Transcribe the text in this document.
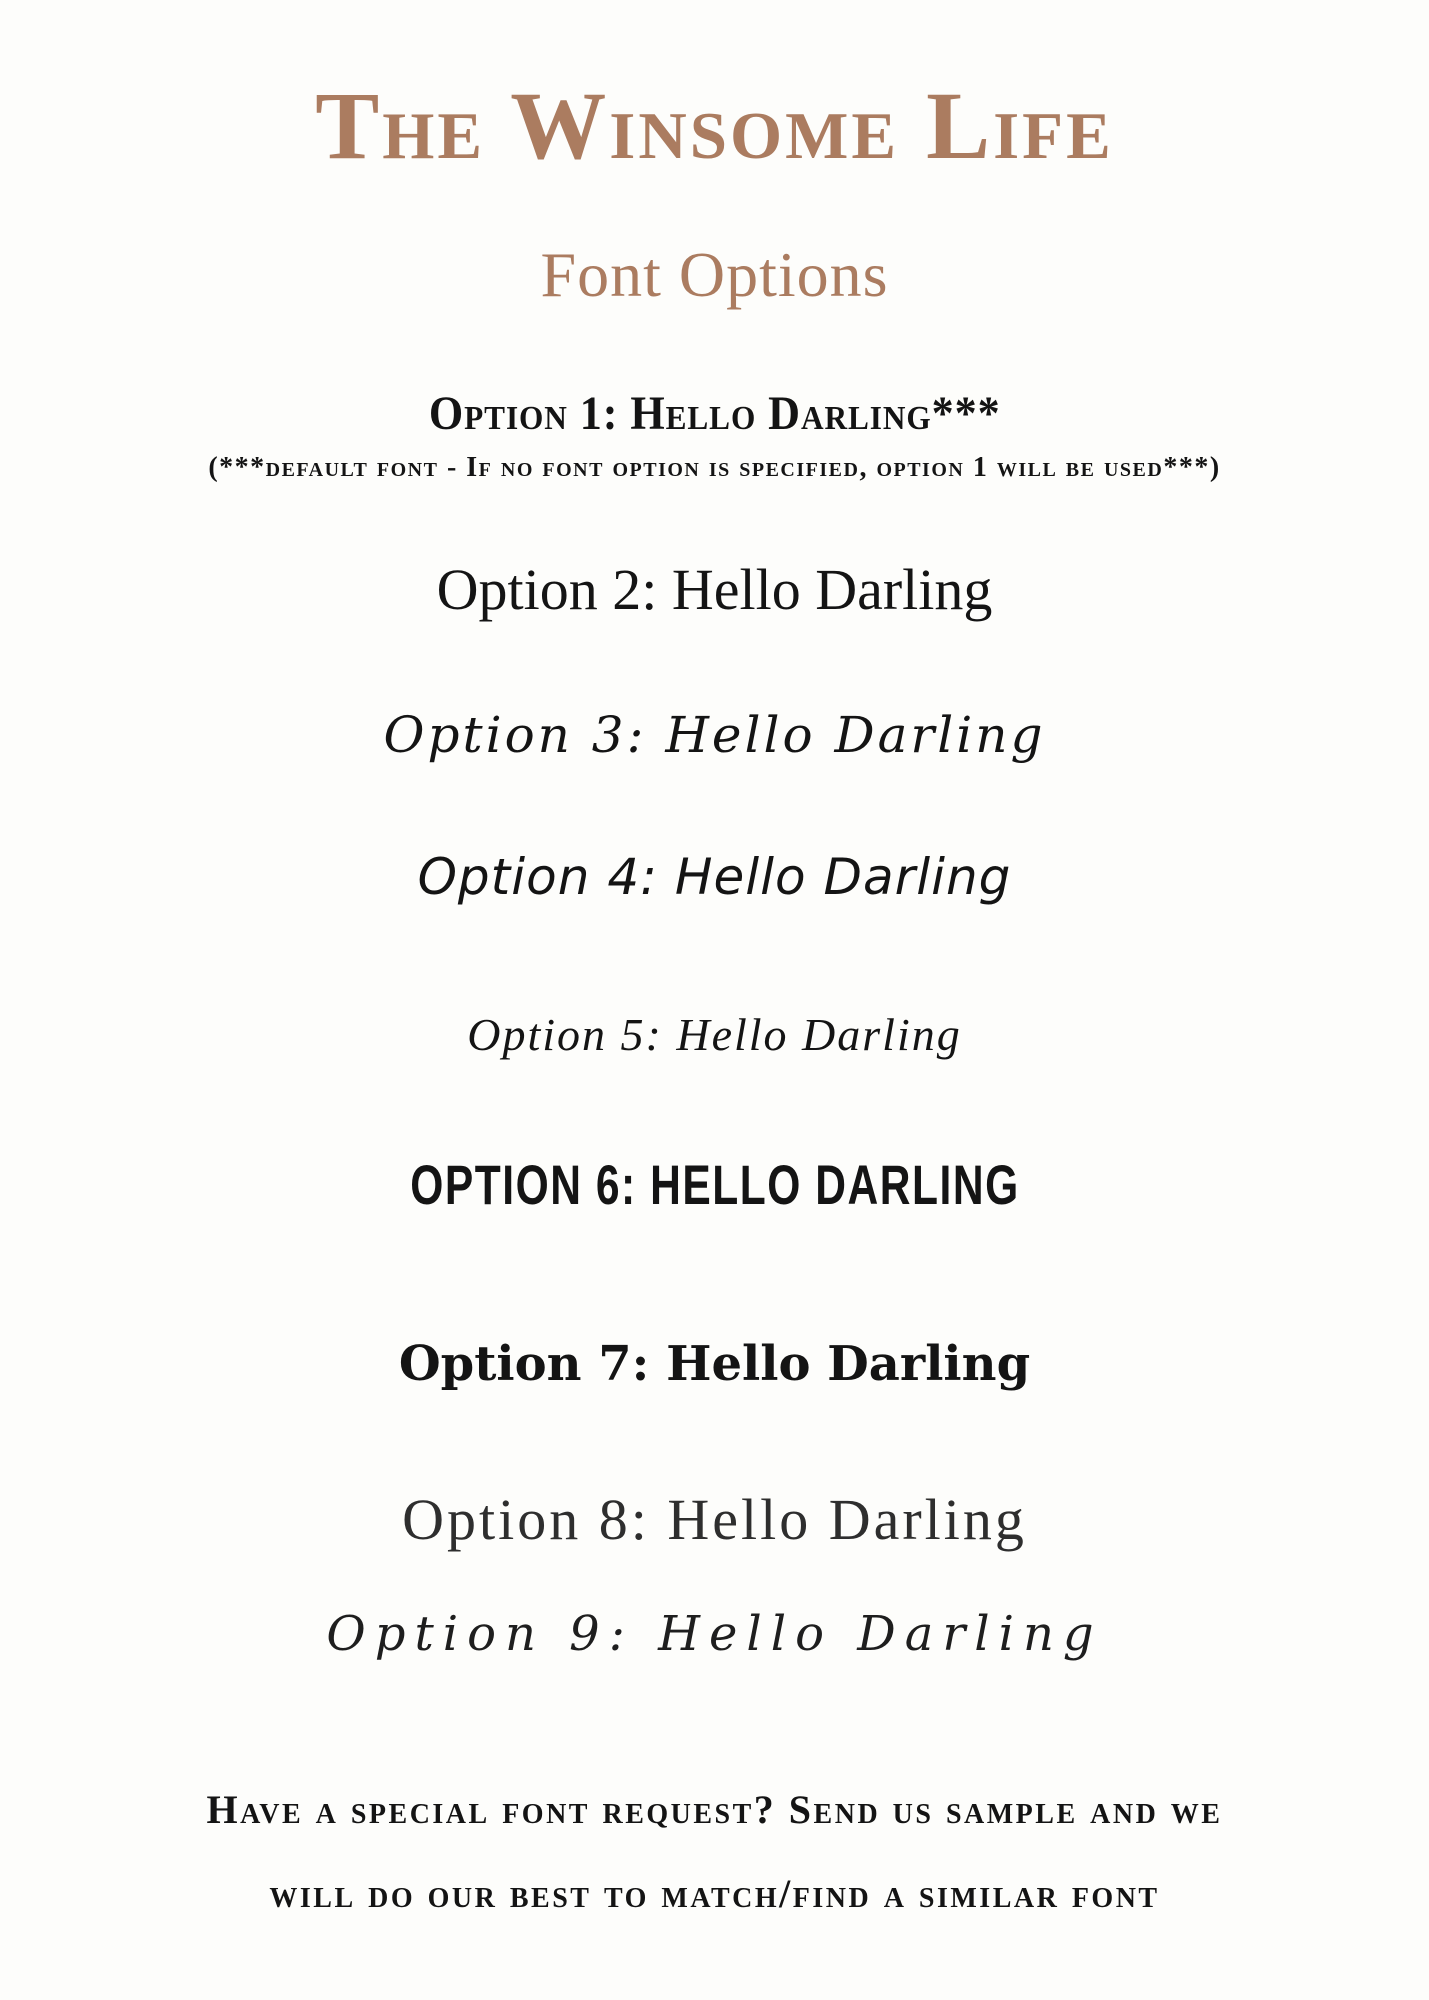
The Winsome Life
Font Options
Option 1: Hello Darling***
(***default font - If no font option is specified, option 1 will be used***)
Option 2: Hello Darling
Option 3: Hello Darling
Option 4: Hello Darling
Option 5: Hello Darling
OPTION 6: HELLO DARLING
Option 7: Hello Darling
Option 8: Hello Darling
Option 9: Hello Darling
Have a special font request? Send us sample and we
will do our best to match/find a similar font
